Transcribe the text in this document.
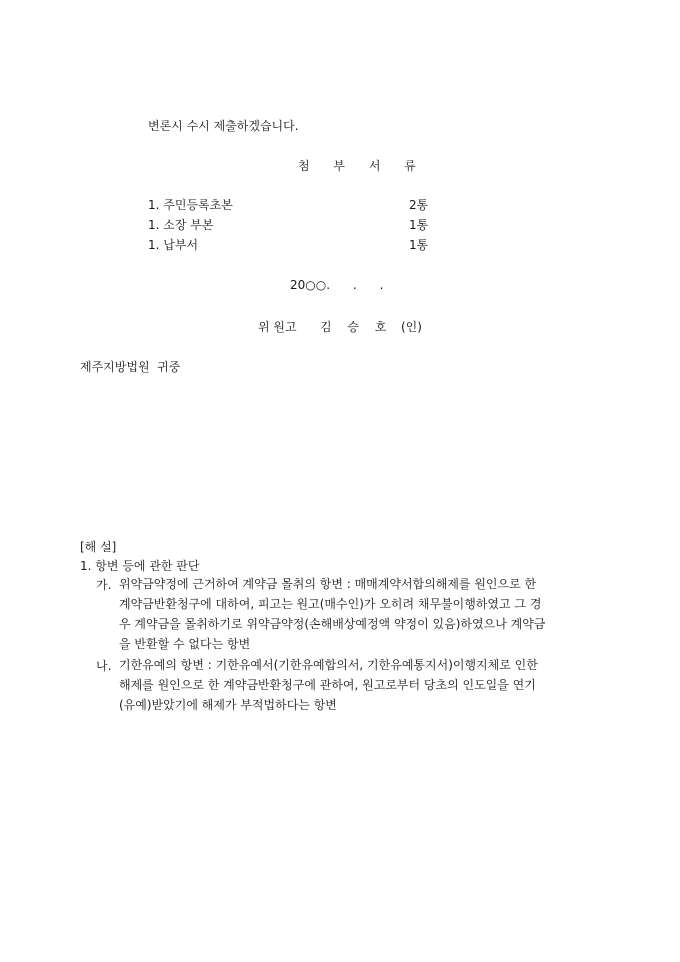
변론시 수시 제출하겠습니다.
첨 부 서 류
1. 주민등록초본	2통
1. 소장 부본	1통
1. 납부서	1통
20○○.      .      .
위 원고 김 승 호 (인)
제주지방법원  귀중
[해 설]
1. 항변 등에 관한 판단
가. 위약금약정에 근거하여 계약금 몰취의 항변 : 매매계약서합의해제를 원인으로 한
계약금반환청구에 대하여, 피고는 원고(매수인)가 오히려 채무불이행하였고 그 경
우 계약금을 몰취하기로 위약금약정(손해배상예정액 약정이 있음)하였으나 계약금
을 반환할 수 없다는 항변
나. 기한유예의 항변 : 기한유예서(기한유예합의서, 기한유예통지서)이행지체로 인한
해제를 원인으로 한 계약금반환청구에 관하여, 원고로부터 당초의 인도일을 연기
(유예)받았기에 해제가 부적법하다는 항변
